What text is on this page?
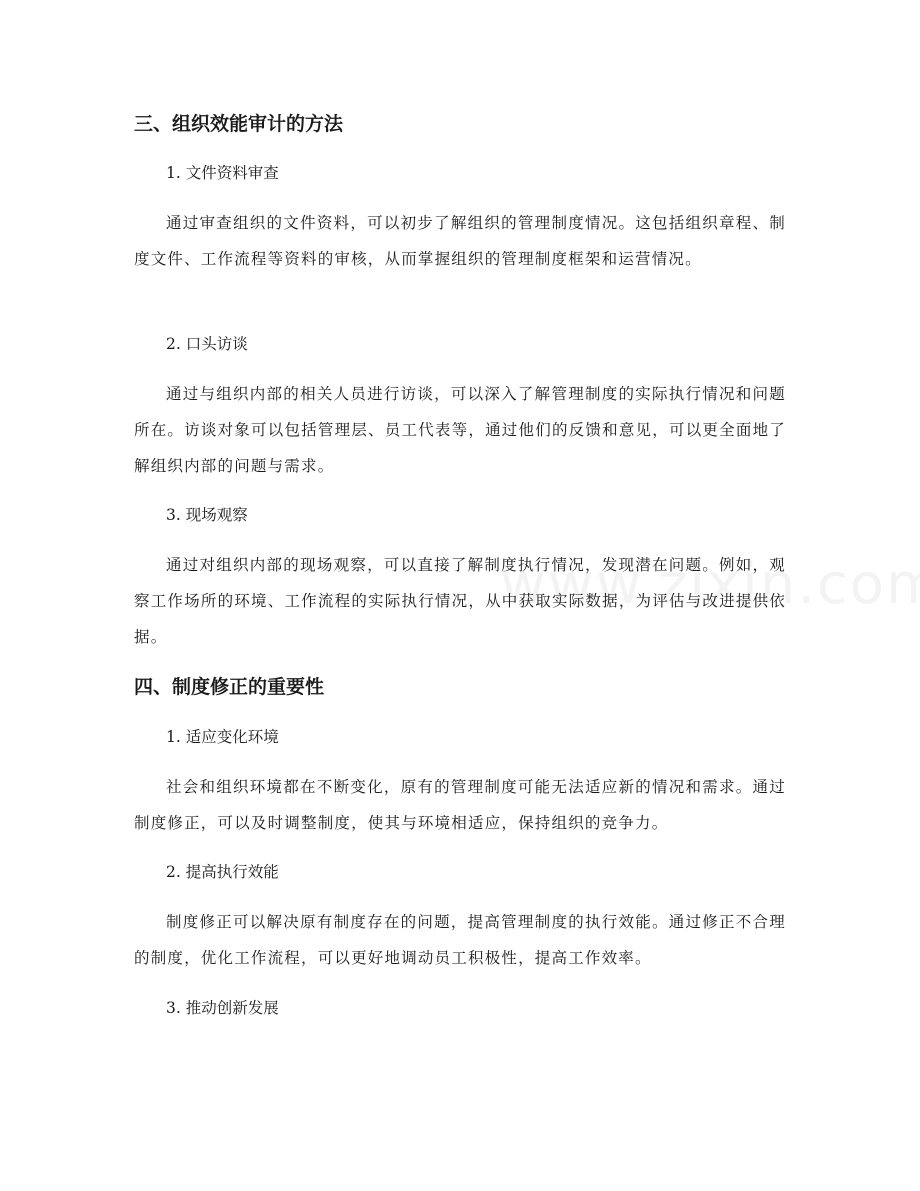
三、组织效能审计的方法
1. 文件资料审查
通过审查组织的文件资料，可以初步了解组织的管理制度情况。这包括组织章程、制度文件、工作流程等资料的审核，从而掌握组织的管理制度框架和运营情况。
2. 口头访谈
通过与组织内部的相关人员进行访谈，可以深入了解管理制度的实际执行情况和问题所在。访谈对象可以包括管理层、员工代表等，通过他们的反馈和意见，可以更全面地了解组织内部的问题与需求。
3. 现场观察
通过对组织内部的现场观察，可以直接了解制度执行情况，发现潜在问题。例如，观察工作场所的环境、工作流程的实际执行情况，从中获取实际数据，为评估与改进提供依据。
四、制度修正的重要性
1. 适应变化环境
社会和组织环境都在不断变化，原有的管理制度可能无法适应新的情况和需求。通过制度修正，可以及时调整制度，使其与环境相适应，保持组织的竞争力。
2. 提高执行效能
制度修正可以解决原有制度存在的问题，提高管理制度的执行效能。通过修正不合理的制度，优化工作流程，可以更好地调动员工积极性，提高工作效率。
3. 推动创新发展
